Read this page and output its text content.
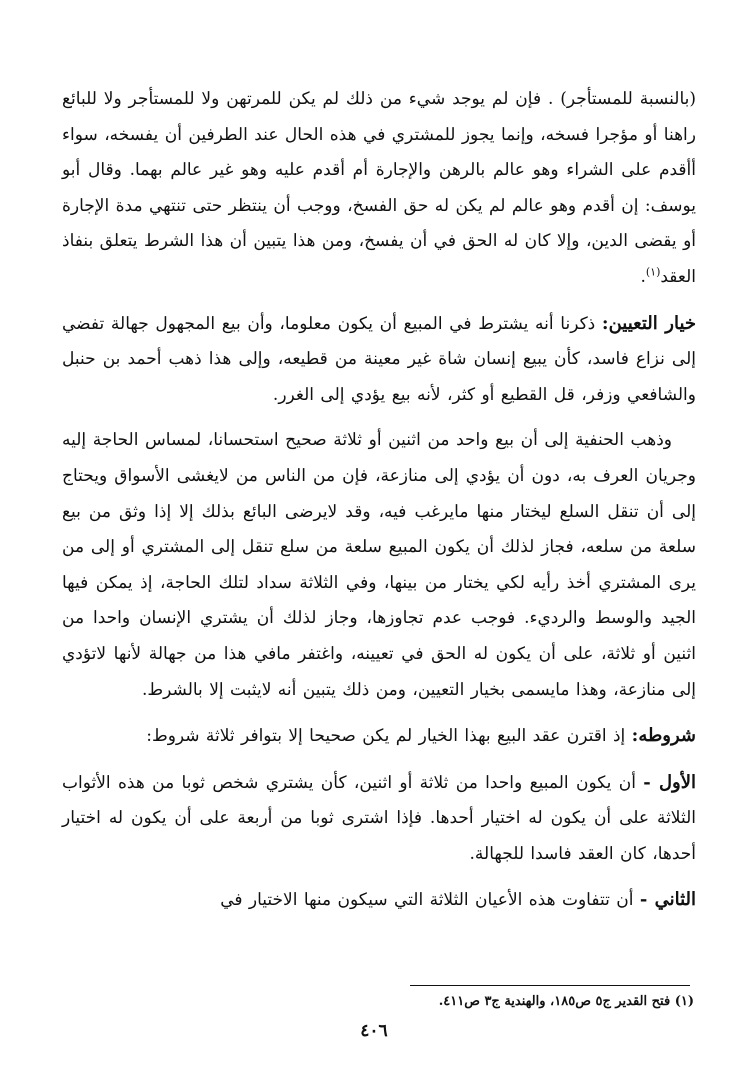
(بالنسبة للمستأجر) . فإن لم يوجد شيء من ذلك لم يكن للمرتهن ولا للمستأجر ولا للبائع راهنا أو مؤجرا فسخه، وإنما يجوز للمشتري في هذه الحال عند الطرفين أن يفسخه، سواء أأقدم على الشراء وهو عالم بالرهن والإجارة أم أقدم عليه وهو غير عالم بهما. وقال أبو يوسف: إن أقدم وهو عالم لم يكن له حق الفسخ، ووجب أن ينتظر حتى تنتهي مدة الإجارة أو يقضى الدين، وإلا كان له الحق في أن يفسخ، ومن هذا يتبين أن هذا الشرط يتعلق بنفاذ العقد$^{(١)}$.

خيار التعيين: ذكرنا أنه يشترط في المبيع أن يكون معلوما، وأن بيع المجهول جهالة تفضي إلى نزاع فاسد، كأن يبيع إنسان شاة غير معينة من قطيعه، وإلى هذا ذهب أحمد بن حنبل والشافعي وزفر، قل القطيع أو كثر، لأنه بيع يؤدي إلى الغرر.

وذهب الحنفية إلى أن بيع واحد من اثنين أو ثلاثة صحيح استحسانا، لمساس الحاجة إليه وجريان العرف به، دون أن يؤدي إلى منازعة، فإن من الناس من لايغشى الأسواق ويحتاج إلى أن تنقل السلع ليختار منها مايرغب فيه، وقد لايرضى البائع بذلك إلا إذا وثق من بيع سلعة من سلعه، فجاز لذلك أن يكون المبيع سلعة من سلع تنقل إلى المشتري أو إلى من يرى المشتري أخذ رأيه لكي يختار من بينها، وفي الثلاثة سداد لتلك الحاجة، إذ يمكن فيها الجيد والوسط والرديء. فوجب عدم تجاوزها، وجاز لذلك أن يشتري الإنسان واحدا من اثنين أو ثلاثة، على أن يكون له الحق في تعيينه، واغتفر مافي هذا من جهالة لأنها لاتؤدي إلى منازعة، وهذا مايسمى بخيار التعيين، ومن ذلك يتبين أنه لايثبت إلا بالشرط.

شروطه: إذ اقترن عقد البيع بهذا الخيار لم يكن صحيحا إلا بتوافر ثلاثة شروط:

الأول - أن يكون المبيع واحدا من ثلاثة أو اثنين، كأن يشتري شخص ثوبا من هذه الأثواب الثلاثة على أن يكون له اختيار أحدها. فإذا اشترى ثوبا من أربعة على أن يكون له اختيار أحدها، كان العقد فاسدا للجهالة.

الثاني - أن تتفاوت هذه الأعيان الثلاثة التي سيكون منها الاختيار في

(١) فتح القدير ج٥ ص١٨٥، والهندية ج٣ ص٤١١.
٤٠٦
